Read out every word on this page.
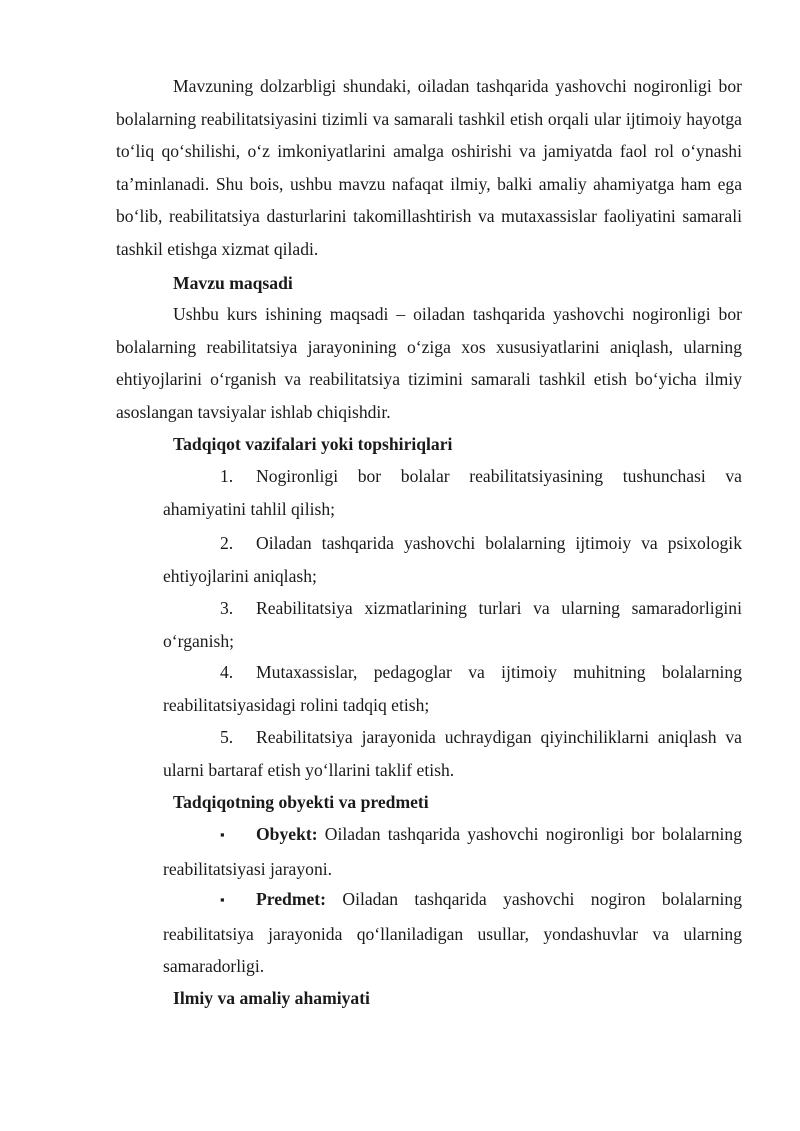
Mavzuning dolzarbligi shundaki, oiladan tashqarida yashovchi nogironligi bor bolalarning reabilitatsiyasini tizimli va samarali tashkil etish orqali ular ijtimoiy hayotga to‘liq qo‘shilishi, o‘z imkoniyatlarini amalga oshirishi va jamiyatda faol rol o‘ynashi ta’minlanadi. Shu bois, ushbu mavzu nafaqat ilmiy, balki amaliy ahamiyatga ham ega bo‘lib, reabilitatsiya dasturlarini takomillashtirish va mutaxassislar faoliyatini samarali tashkil etishga xizmat qiladi.

Mavzu maqsadi

Ushbu kurs ishining maqsadi – oiladan tashqarida yashovchi nogironligi bor bolalarning reabilitatsiya jarayonining o‘ziga xos xususiyatlarini aniqlash, ularning ehtiyojlarini o‘rganish va reabilitatsiya tizimini samarali tashkil etish bo‘yicha ilmiy asoslangan tavsiyalar ishlab chiqishdir.

Tadqiqot vazifalari yoki topshiriqlari
1. Nogironligi bor bolalar reabilitatsiyasining tushunchasi va ahamiyatini tahlil qilish;
2. Oiladan tashqarida yashovchi bolalarning ijtimoiy va psixologik ehtiyojlarini aniqlash;
3. Reabilitatsiya xizmatlarining turlari va ularning samaradorligini o‘rganish;
4. Mutaxassislar, pedagoglar va ijtimoiy muhitning bolalarning reabilitatsiyasidagi rolini tadqiq etish;
5. Reabilitatsiya jarayonida uchraydigan qiyinchiliklarni aniqlash va ularni bartaraf etish yo‘llarini taklif etish.
Tadqiqotning obyekti va predmeti
▪ Obyekt: Oiladan tashqarida yashovchi nogironligi bor bolalarning reabilitatsiyasi jarayoni.
▪ Predmet: Oiladan tashqarida yashovchi nogiron bolalarning reabilitatsiya jarayonida qo‘llaniladigan usullar, yondashuvlar va ularning samaradorligi.
Ilmiy va amaliy ahamiyati
